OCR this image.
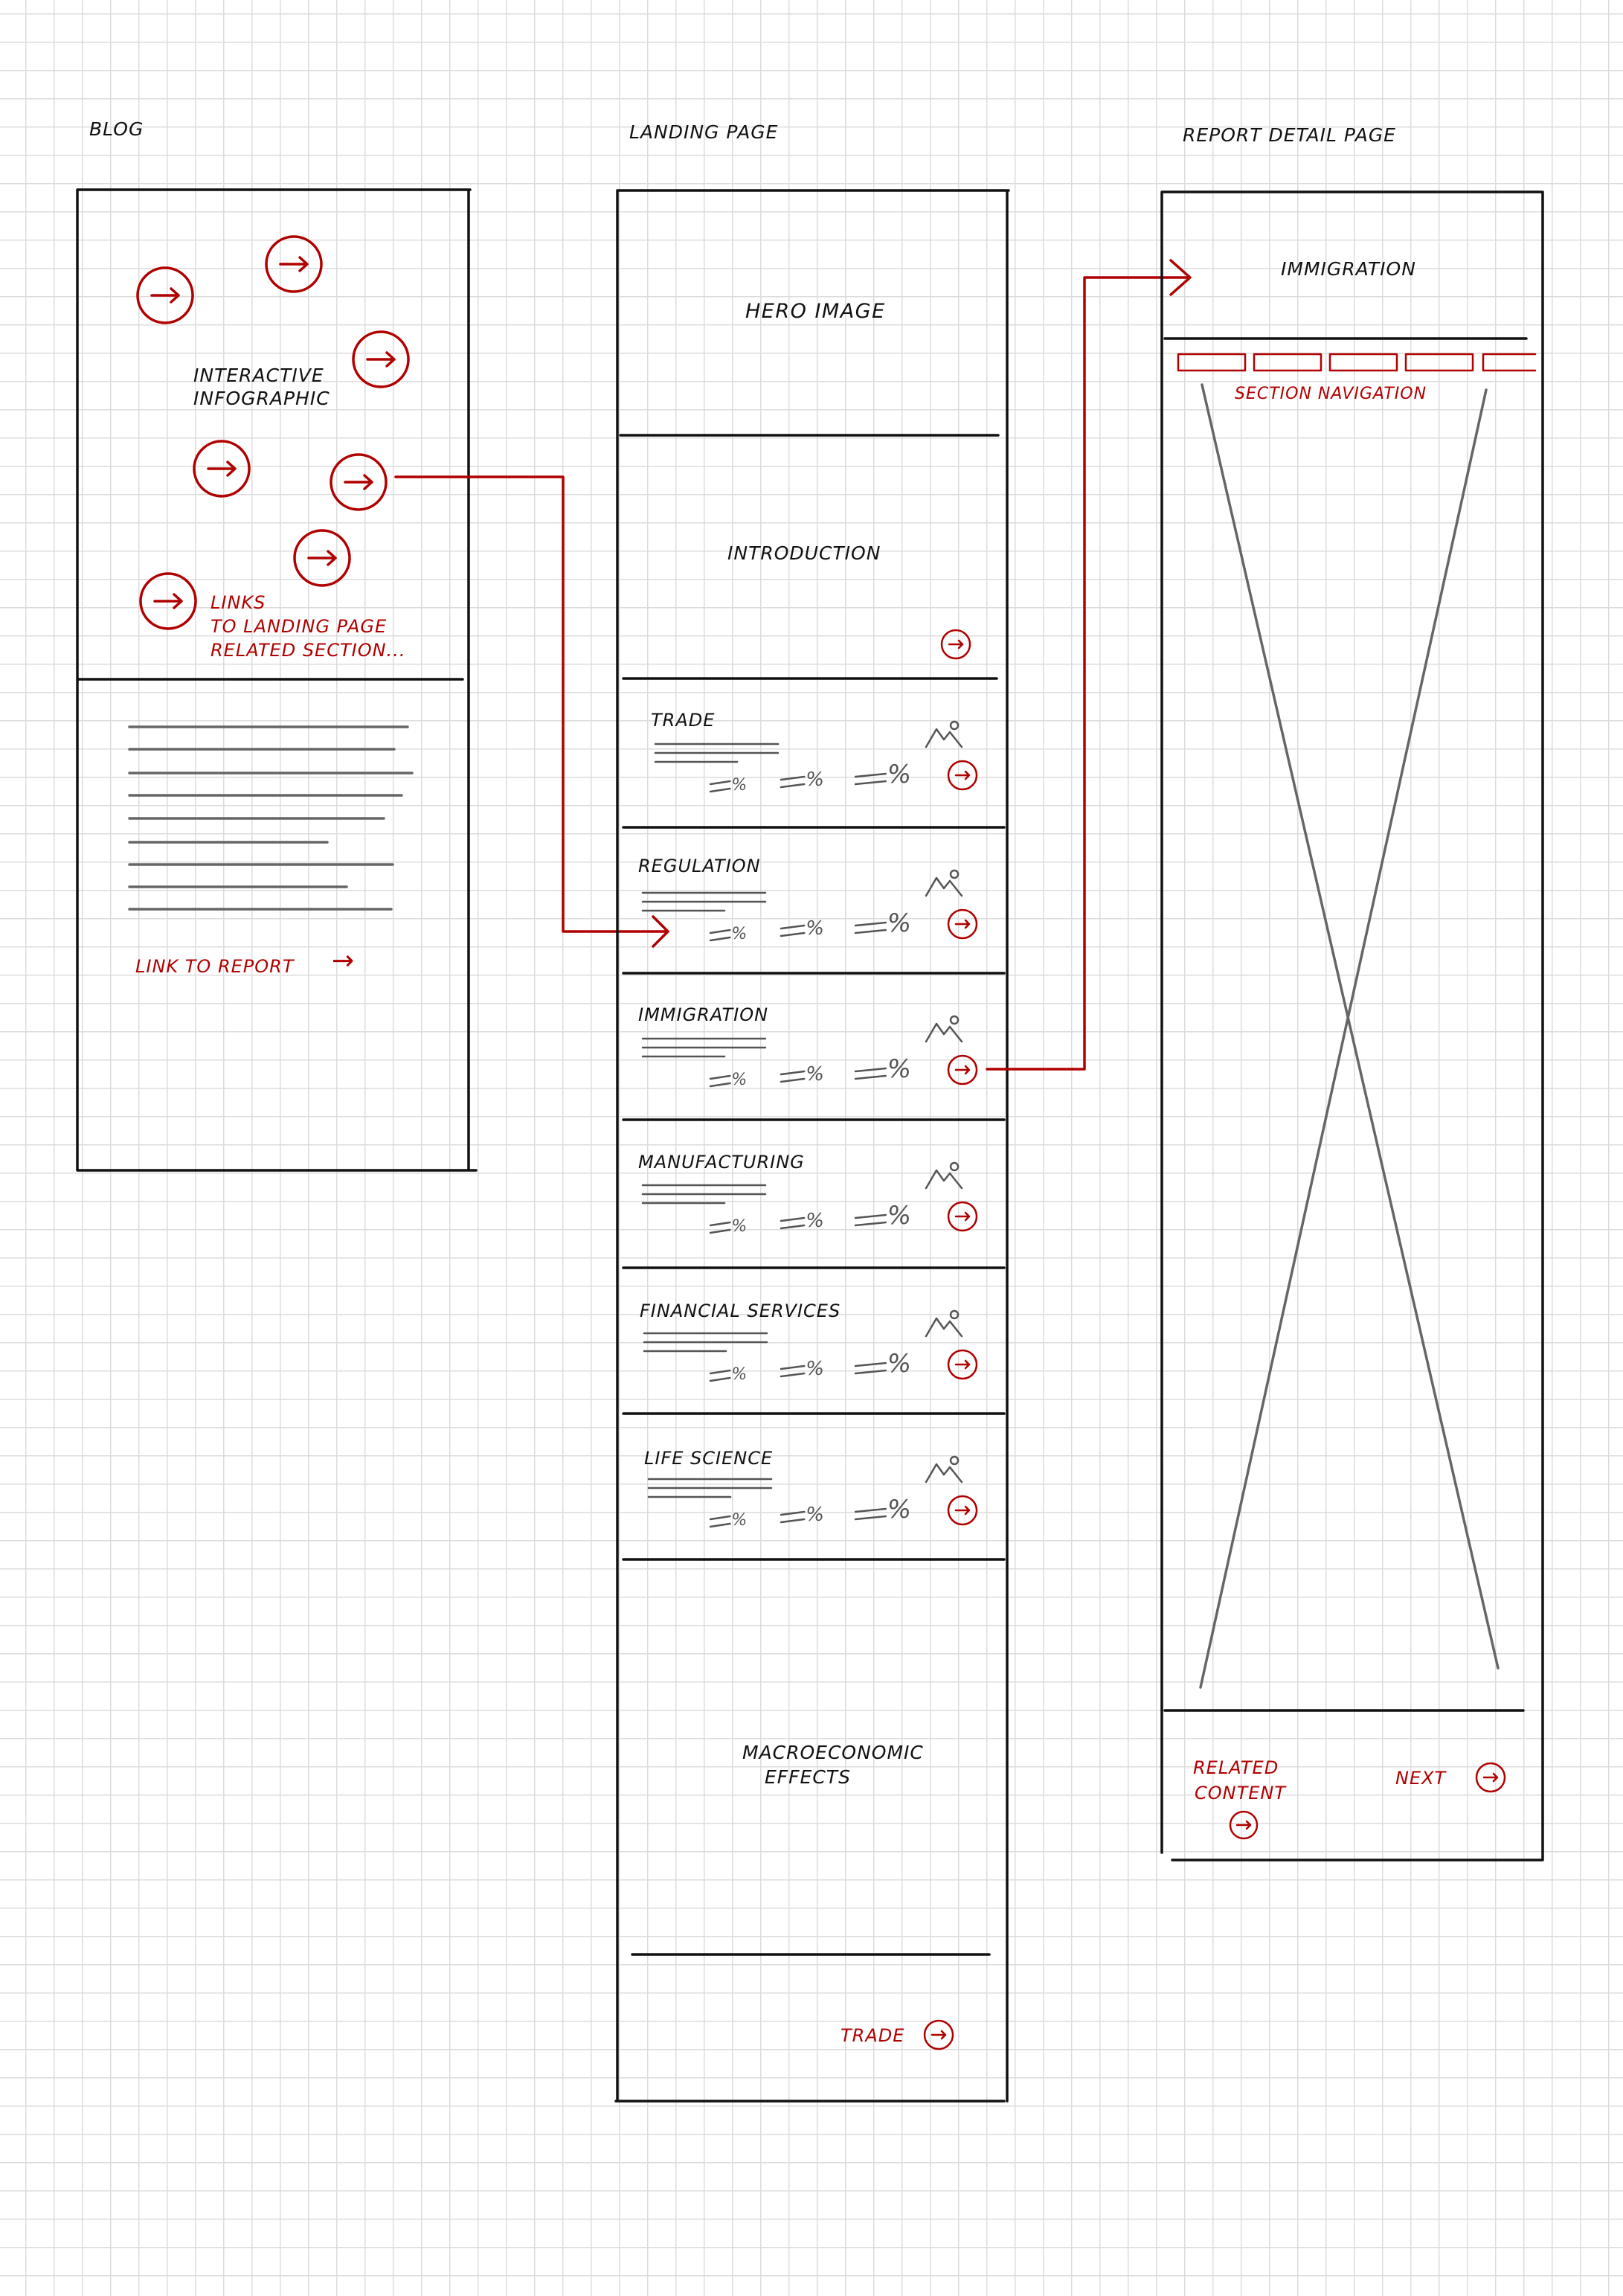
BLOG
INTERACTIVE
INFOGRAPHIC
LINKS
TO LANDING PAGE
RELATED SECTION...
LINK TO REPORT →
LANDING PAGE
HERO IMAGE
INTRODUCTION
TRADE
%	% %
REGULATION
%	% %
IMMIGRATION
%	% %
MANUFACTURING
%	% %
FINANCIAL SERVICES
%	% %
LIFE SCIENCE
%	% %
MACROECONOMIC
EFFECTS
TRADE
REPORT DETAIL PAGE
IMMIGRATION
SECTION NAVIGATION
RELATED
CONTENT
NEXT
